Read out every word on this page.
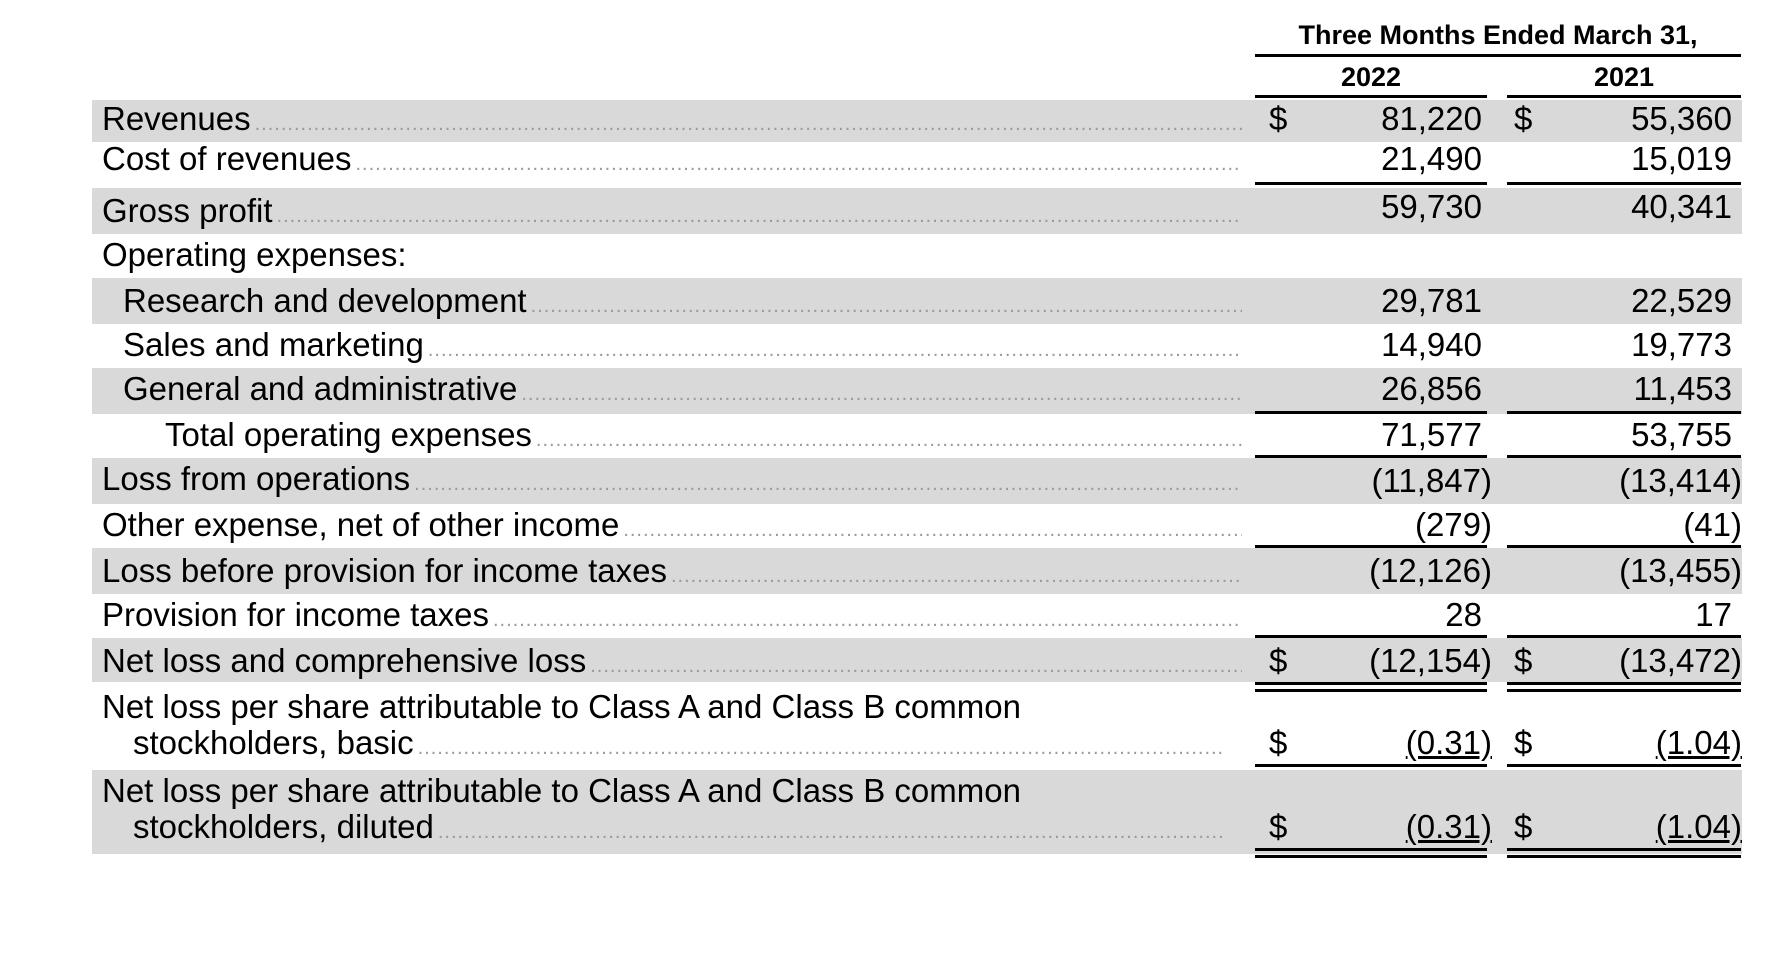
Three Months Ended March 31,
2022	2021
Revenues .....	$	81,220 $	55,360
Cost of revenues .....	21,490	15,019
Gross profit .....	59,730	40,341
Operating expenses:
Research and development .....	29,781	22,529
Sales and marketing .....	14,940	19,773
General and administrative .....	26,856	11,453
Total operating expenses .....	71,577	53,755
Loss from operations .....	(11,847)	(13,414)
Other expense, net of other income .....	(279)	(41)
Loss before provision for income taxes .....	(12,126)	(13,455)
Provision for income taxes .....	28	17
Net loss and comprehensive loss .....	$	(12,154) $	(13,472)
Net loss per share attributable to Class A and Class B common
stockholders, basic .....	$	(0.31) $	(1.04)
Net loss per share attributable to Class A and Class B common
stockholders, diluted .....	$	(0.31) $	(1.04)
